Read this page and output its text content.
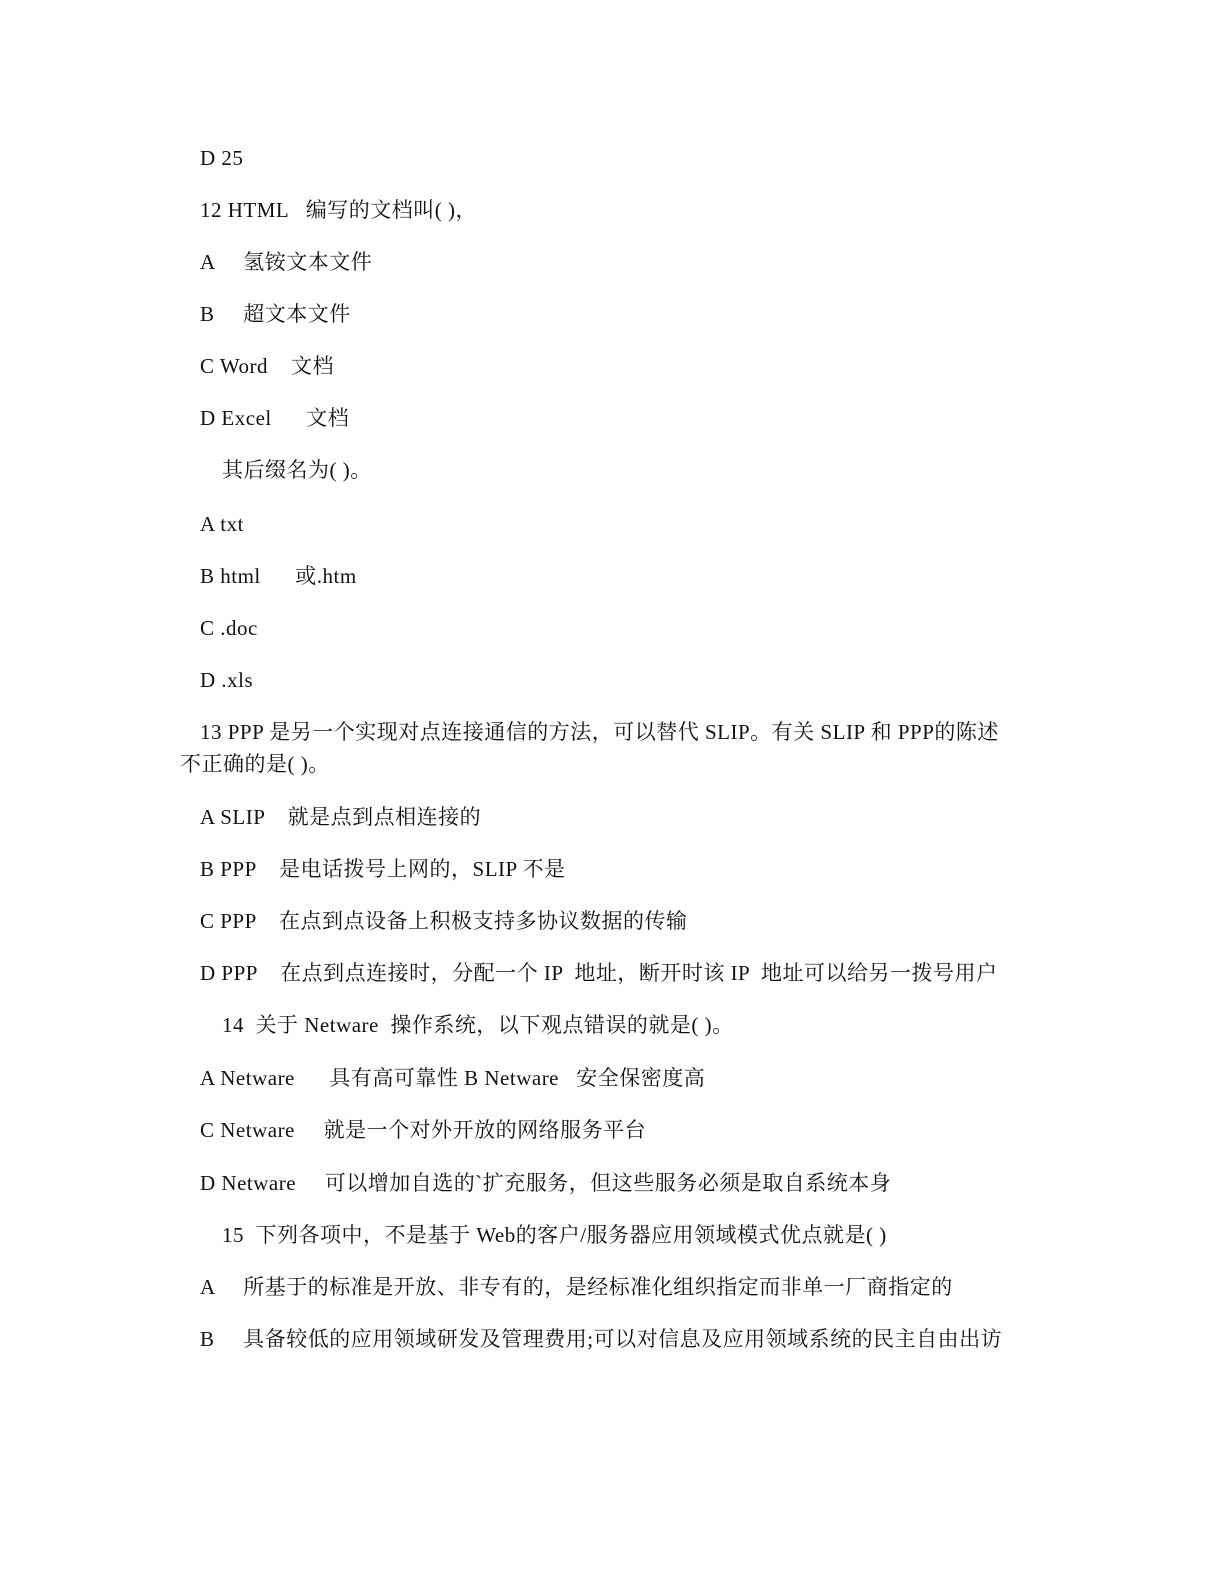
D 25
12 HTML   编写的文档叫( )，
A     氢铵文本文件
B     超文本文件
C Word    文档
D Excel      文档
其后缀名为( )。
A txt
B html      或.htm
C .doc
D .xls
13 PPP 是另一个实现对点连接通信的方法，可以替代 SLIP。有关 SLIP 和 PPP的陈述
不正确的是( )。
A SLIP    就是点到点相连接的
B PPP    是电话拨号上网的，SLIP 不是
C PPP    在点到点设备上积极支持多协议数据的传输
D PPP    在点到点连接时，分配一个 IP  地址，断开时该 IP  地址可以给另一拨号用户
14  关于 Netware  操作系统，以下观点错误的就是( )。
A Netware      具有高可靠性 B Netware   安全保密度高
C Netware     就是一个对外开放的网络服务平台
D Netware     可以增加自选的`扩充服务，但这些服务必须是取自系统本身
15  下列各项中，不是基于 Web的客户/服务器应用领域模式优点就是( )
A     所基于的标准是开放、非专有的，是经标准化组织指定而非单一厂商指定的
B     具备较低的应用领域研发及管理费用;可以对信息及应用领域系统的民主自由出访
